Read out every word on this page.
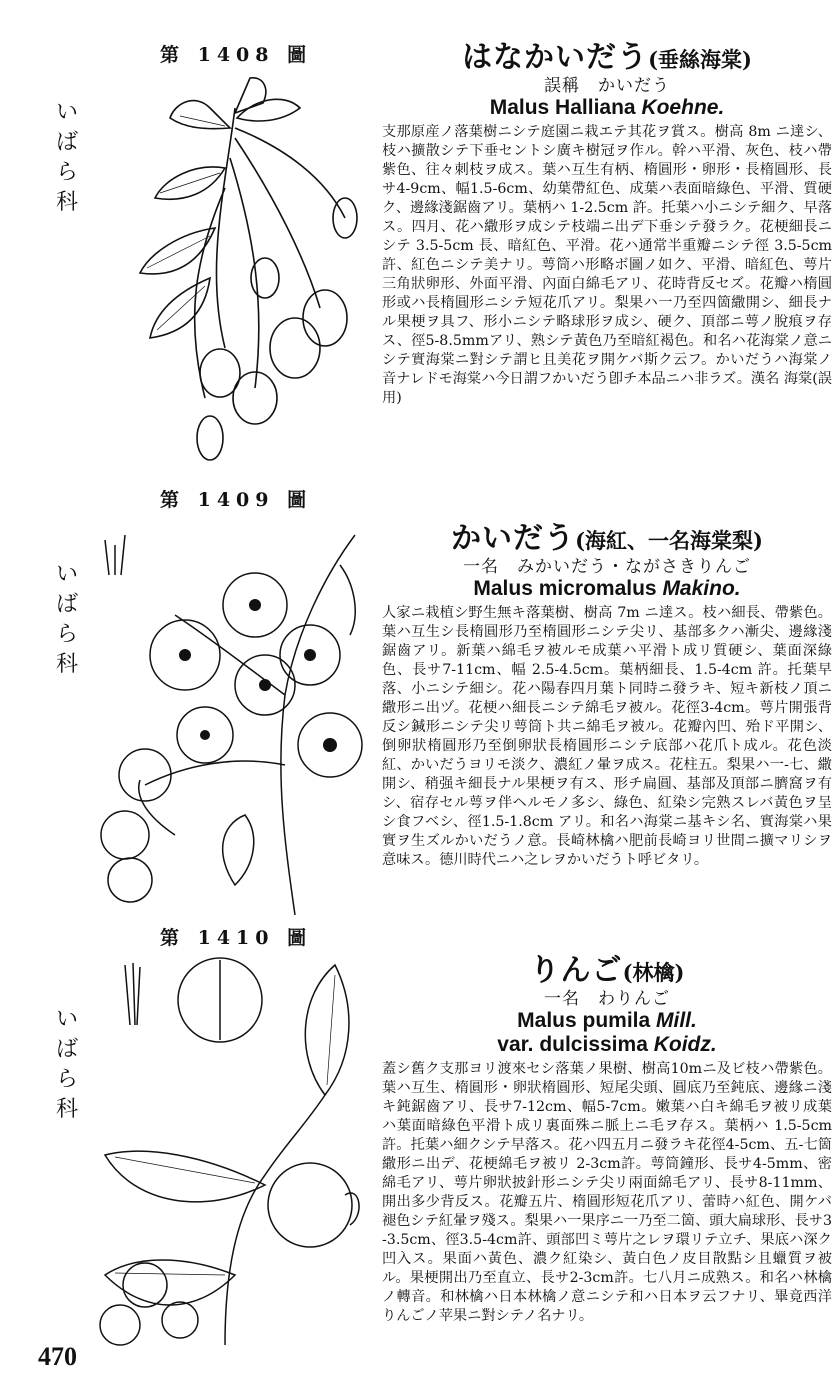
第 1408 圖
いばら科
はなかいだう(垂絲海棠)
誤稱　かいだう
Malus Halliana Koehne.
支那原産ノ落葉樹ニシテ庭園ニ栽エテ其花ヲ賞ス。樹高 8m ニ達シ、枝ハ擴散シテ下垂セントシ廣キ樹冠ヲ作ル。幹ハ平滑、灰色、枝ハ帶紫色、往々刺枝ヲ成ス。葉ハ互生有柄、楕圓形・卵形・長楕圓形、長サ4-9cm、幅1.5-6cm、幼葉帶紅色、成葉ハ表面暗綠色、平滑、質硬ク、邊緣淺鋸齒アリ。葉柄ハ 1-2.5cm 許。托葉ハ小ニシテ細ク、早落ス。四月、花ハ繖形ヲ成シテ枝端ニ出デ下垂シテ發ラク。花梗細長ニシテ 3.5-5cm 長、暗紅色、平滑。花ハ通常半重瓣ニシテ徑 3.5-5cm許、紅色ニシテ美ナリ。萼筒ハ形略ボ圖ノ如ク、平滑、暗紅色、萼片三角狀卵形、外面平滑、內面白綿毛アリ、花時背反セズ。花瓣ハ楕圓形或ハ長楕圓形ニシテ短花爪アリ。梨果ハ一乃至四箇繖開シ、細長ナル果梗ヲ具フ、形小ニシテ略球形ヲ成シ、硬ク、頂部ニ萼ノ脫痕ヲ存ス、徑5-8.5mmアリ、熟シテ黃色乃至暗紅褐色。和名ハ花海棠ノ意ニシテ實海棠ニ對シテ謂ヒ且美花ヲ開ケバ斯ク云フ。かいだうハ海棠ノ音ナレドモ海棠ハ今日謂フかいだう卽チ本品ニハ非ラズ。漢名 海棠(誤用)
第 1409 圖
いばら科
かいだう(海紅、一名海棠梨)
一名　みかいだう・ながさきりんご
Malus micromalus Makino.
人家ニ栽植シ野生無キ落葉樹、樹高 7m ニ達ス。枝ハ細長、帶紫色。葉ハ互生シ長楕圓形乃至楕圓形ニシテ尖リ、基部多クハ漸尖、邊緣淺鋸齒アリ。新葉ハ綿毛ヲ被ルモ成葉ハ平滑ト成リ質硬シ、葉面深綠色、長サ7-11cm、幅 2.5-4.5cm。葉柄細長、1.5-4cm 許。托葉早落、小ニシテ細シ。花ハ陽春四月葉ト同時ニ發ラキ、短キ新枝ノ頂ニ繖形ニ出ヅ。花梗ハ細長ニシテ綿毛ヲ被ル。花徑3-4cm。萼片開張背反シ鍼形ニシテ尖リ萼筒ト共ニ綿毛ヲ被ル。花瓣內凹、殆ド平開シ、倒卵狀楕圓形乃至倒卵狀長楕圓形ニシテ底部ハ花爪ト成ル。花色淡紅、かいだうヨリモ淡ク、濃紅ノ暈ヲ成ス。花柱五。梨果ハ一-七、繖開シ、稍强キ細長ナル果梗ヲ有ス、形チ扁圓、基部及頂部ニ臍窩ヲ有シ、宿存セル萼ヲ伴ヘルモノ多シ、綠色、紅染シ完熟スレバ黃色ヲ呈シ食フベシ、徑1.5-1.8cm アリ。和名ハ海棠ニ基キシ名、實海棠ハ果實ヲ生ズルかいだうノ意。長崎林檎ハ肥前長崎ヨリ世間ニ擴マリシヲ意味ス。德川時代ニハ之レヲかいだうト呼ビタリ。
第 1410 圖
いばら科
りんご(林檎)
一名　わりんご
Malus pumila Mill.
var. dulcissima Koidz.
蓋シ舊ク支那ヨリ渡來セシ落葉ノ果樹、樹高10mニ及ビ枝ハ帶紫色。葉ハ互生、楕圓形・卵狀楕圓形、短尾尖頭、圓底乃至鈍底、邊緣ニ淺キ鈍鋸齒アリ、長サ7-12cm、幅5-7cm。嫩葉ハ白キ綿毛ヲ被リ成葉ハ葉面暗綠色平滑ト成リ裏面殊ニ脈上ニ毛ヲ存ス。葉柄ハ 1.5-5cm許。托葉ハ細クシテ早落ス。花ハ四五月ニ發ラキ花徑4-5cm、五-七箇繖形ニ出デ、花梗綿毛ヲ被リ 2-3cm許。萼筒鐘形、長サ4-5mm、密綿毛アリ、萼片卵狀披針形ニシテ尖リ兩面綿毛アリ、長サ8-11mm、開出多少背反ス。花瓣五片、楕圓形短花爪アリ、蕾時ハ紅色、開ケバ褪色シテ紅暈ヲ殘ス。梨果ハ一果序ニ一乃至二箇、頭大扁球形、長サ3-3.5cm、徑3.5-4cm許、頭部凹ミ萼片之レヲ環リテ立チ、果底ハ深ク凹入ス。果面ハ黃色、濃ク紅染シ、黃白色ノ皮目散點シ且蠟質ヲ被ル。果梗開出乃至直立、長サ2-3cm許。七八月ニ成熟ス。和名ハ林檎ノ轉音。和林檎ハ日本林檎ノ意ニシテ和ハ日本ヲ云フナリ、畢竟西洋りんごノ苹果ニ對シテノ名ナリ。
470
